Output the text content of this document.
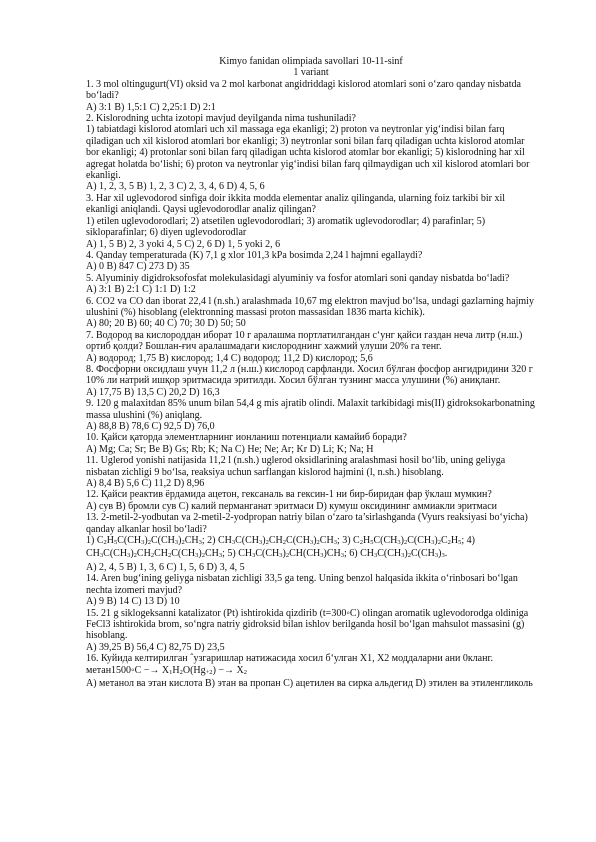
Kimyo fanidan olimpiada savollari 10-11-sinf
1 variant
1. 3 mol oltingugurt(VI) oksid va 2 mol karbonat angidriddagi kislorod atomlari soni o‘zaro qanday nisbatda bo‘ladi?
A) 3:1 B) 1,5:1 C) 2,25:1 D) 2:1
2. Kislorodning uchta izotopi mavjud deyilganda nima tushuniladi?
1) tabiatdagi kislorod atomlari uch xil massaga ega ekanligi; 2) proton va neytronlar yig‘indisi bilan farq qiladigan uch xil kislorod atomlari bor ekanligi; 3) neytronlar soni bilan farq qiladigan uchta kislorod atomlar bor ekanligi; 4) protonlar soni bilan farq qiladigan uchta kislorod atomlar bor ekanligi; 5) kislorodning har xil agregat holatda bo‘lishi; 6) proton va neytronlar yig‘indisi bilan farq qilmaydigan uch xil kislorod atomlari bor ekanligi.
A) 1, 2, 3, 5 B) 1, 2, 3 C) 2, 3, 4, 6 D) 4, 5, 6
3. Har xil uglevodorod sinfiga doir ikkita modda elementar analiz qilinganda, ularning foiz tarkibi bir xil ekanligi aniqlandi. Qaysi uglevodorodlar analiz qilingan?
1) etilen uglevodorodlari; 2) atsetilen uglevodorodlari; 3) aromatik uglevodorodlar; 4) parafinlar; 5) sikloparafinlar; 6) diyen uglevodorodlar
A) 1, 5 B) 2, 3 yoki 4, 5 C) 2, 6 D) 1, 5 yoki 2, 6
4. Qanday temperaturada (K) 7,1 g xlor 101,3 kPa bosimda 2,24 l hajmni egallaydi?
A) 0 B) 847 C) 273 D) 35
5. Alyuminiy digidroksofosfat molekulasidagi alyuminiy va fosfor atomlari soni qanday nisbatda bo‘ladi?
A) 3:1 B) 2:1 C) 1:1 D) 1:2
6. CO2 va CO dan iborat 22,4 l (n.sh.) aralashmada 10,67 mg elektron mavjud bo‘lsa, undagi gazlarning hajmiy ulushini (%) hisoblang (elektronning massasi proton massasidan 1836 marta kichik).
A) 80; 20 B) 60; 40 C) 70; 30 D) 50; 50
7. Водород ва кислороддан иборат 10 г аралашма портлатилгандан сʻунг қайси газдан неча литр (н.ш.) ортиб қолди? Бошлан-ғич аралашмадаги кислороднинг хажмий улуши 20% га тенг.
A) водород; 1,75 B) кислород; 1,4 C) водород; 11,2 D) кислород; 5,6
8. Фосфорни оксидлаш учун 11,2 л (н.ш.) кислород сарфланди. Хосил бўлган фосфор ангидридини 320 г 10% ли натрий ишқор эритмасида эритилди. Хосил бўлган тузнинг масса улушини (%) аниқланг.
A) 17,75 B) 13,5 C) 20,2 D) 16,3
9. 120 g malaxitdan 85% unum bilan 54,4 g mis ajratib olindi. Malaxit tarkibidagi mis(II) gidroksokarbonatning massa ulushini (%) aniqlang.
A) 88,8 B) 78,6 C) 92,5 D) 76,0
10. Қайси қаторда элементларнинг ионланиш потенциали камайиб боради?
A) Mg; Ca; Sr; Be B) Gs; Rb; K; Na C) He; Ne; Ar; Kr D) Li; K; Na; H
11. Uglerod yonishi natijasida 11,2 l (n.sh.) uglerod oksidlarining aralashmasi hosil bo‘lib, uning geliyga nisbatan zichligi 9 bo‘lsa, reaksiya uchun sarflangan kislorod hajmini (l, n.sh.) hisoblang.
A) 8,4 B) 5,6 C) 11,2 D) 8,96
12. Қайси реактив ёрдамида ацетон, гексаналь ва гексин-1 ни бир-биридан фар ўклаш мумкин?
A) сув B) бромли сув C) калий перманганат эритмаси D) кумуш оксидининг аммиакли эритмаси
13. 2-metil-2-yodbutan va 2-metil-2-yodpropan natriy bilan o‘zaro ta’sirlashganda (Vyurs reaksiyasi bo‘yicha) qanday alkanlar hosil bo‘ladi?
1) C2H5C(CH3)2C(CH3)2CH3; 2) CH3C(CH3)2CH2C(CH3)2CH3; 3) C2H5C(CH3)2C(CH3)2C2H5; 4) CH3C(CH3)2CH2CH2C(CH3)2CH3; 5) CH3C(CH3)2CH(CH3)CH3; 6) CH3C(CH3)2C(CH3)3.
A) 2, 4, 5 B) 1, 3, 6 C) 1, 5, 6 D) 3, 4, 5
14. Aren bug‘ining geliyga nisbatan zichligi 33,5 ga teng. Uning benzol halqasida ikkita o‘rinbosari bo‘lgan nechta izomeri mavjud?
A) 9 B) 14 C) 13 D) 10
15. 21 g siklogeksanni katalizator (Pt) ishtirokida qizdirib (t=300◦C) olingan aromatik uglevodorodga oldiniga FeCl3 ishtirokida brom, so‘ngra natriy gidroksid bilan ishlov berilganda hosil bo‘lgan mahsulot massasini (g) hisoblang.
A) 39,25 B) 56,4 C) 82,75 D) 23,5
16. Куйида келтирилган ˆузгаришлар натижасида хосил бʻулган X1, X2 моддаларни ани 0кланг.
метан1500◦C −→ X1H2O(Hg+2) −→ X2
A) метанол ва этан кислота B) этан ва пропан C) ацетилен ва сирка альдегид D) этилен ва этиленгликоль
